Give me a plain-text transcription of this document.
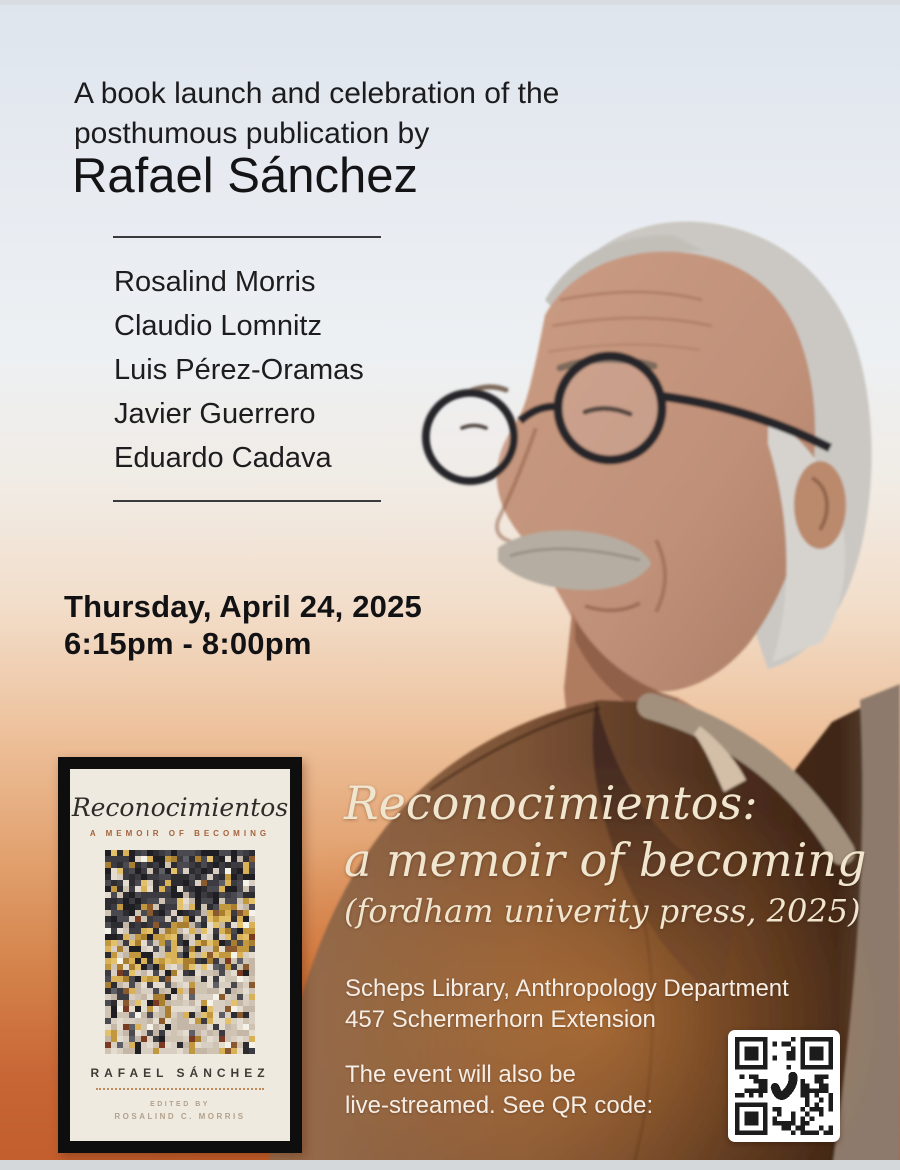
A book launch and celebration of the
posthumous publication by
Rafael Sánchez
Rosalind Morris
Claudio Lomnitz
Luis Pérez-Oramas
Javier Guerrero
Eduardo Cadava
Thursday, April 24, 2025
6:15pm - 8:00pm
Reconocimientos
A MEMOIR OF BECOMING
RAFAEL SÁNCHEZ
EDITED BY
ROSALIND C. MORRIS
Reconocimientos:
a memoir of becoming
(fordham univerity press, 2025)
Scheps Library, Anthropology Department
457 Schermerhorn Extension
The event will also be
live-streamed. See QR code:
